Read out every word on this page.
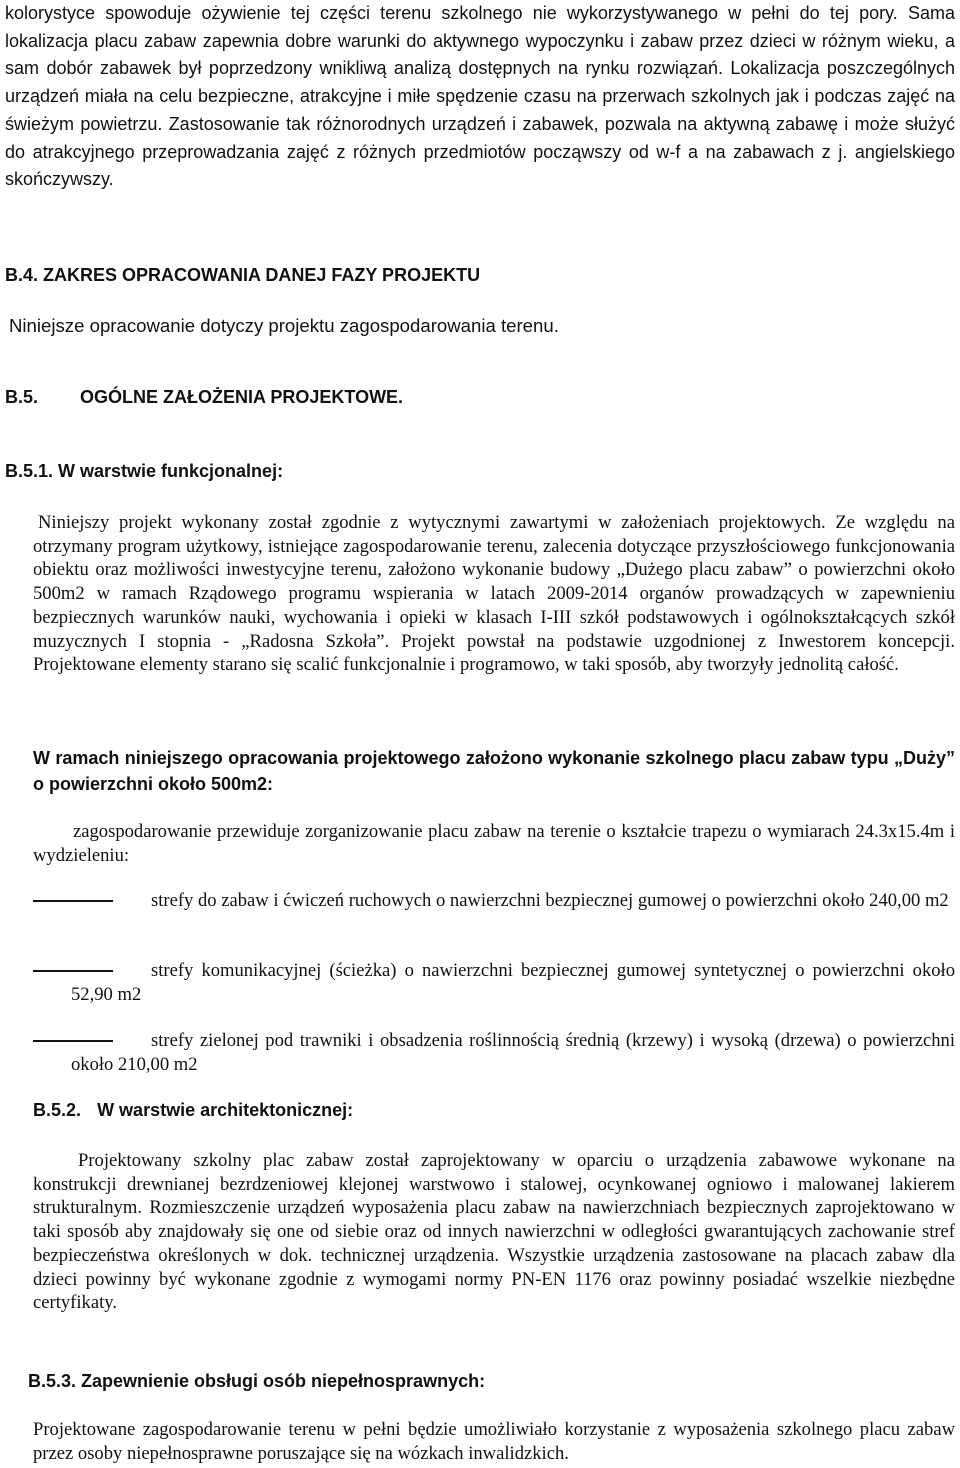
kolorystyce spowoduje ożywienie tej części terenu szkolnego nie wykorzystywanego w pełni do tej pory. Sama lokalizacja placu zabaw zapewnia dobre warunki do aktywnego wypoczynku i zabaw przez dzieci w różnym wieku, a sam dobór zabawek był poprzedzony wnikliwą analizą dostępnych na rynku rozwiązań. Lokalizacja poszczególnych urządzeń miała na celu bezpieczne, atrakcyjne i miłe spędzenie czasu na przerwach szkolnych jak i podczas zajęć na świeżym powietrzu. Zastosowanie tak różnorodnych urządzeń i zabawek, pozwala na aktywną zabawę i może służyć do atrakcyjnego przeprowadzania zajęć z różnych przedmiotów począwszy od w-f a na zabawach z j. angielskiego skończywszy.
B.4. ZAKRES OPRACOWANIA DANEJ FAZY PROJEKTU
Niniejsze opracowanie dotyczy projektu zagospodarowania terenu.
B.5. OGÓLNE ZAŁOŻENIA PROJEKTOWE.
B.5.1. W warstwie funkcjonalnej:
Niniejszy projekt wykonany został zgodnie z wytycznymi zawartymi w założeniach projektowych. Ze względu na otrzymany program użytkowy, istniejące zagospodarowanie terenu, zalecenia dotyczące przyszłościowego funkcjonowania obiektu oraz możliwości inwestycyjne terenu, założono wykonanie budowy „Dużego placu zabaw” o powierzchni około 500m2 w ramach Rządowego programu wspierania w latach 2009-2014 organów prowadzących w zapewnieniu bezpiecznych warunków nauki, wychowania i opieki w klasach I-III szkół podstawowych i ogólnokształcących szkół muzycznych I stopnia - „Radosna Szkoła”. Projekt powstał na podstawie uzgodnionej z Inwestorem koncepcji. Projektowane elementy starano się scalić funkcjonalnie i programowo, w taki sposób, aby tworzyły jednolitą całość.
W ramach niniejszego opracowania projektowego założono wykonanie szkolnego placu zabaw typu „Duży” o powierzchni około 500m2:
zagospodarowanie przewiduje zorganizowanie placu zabaw na terenie o kształcie trapezu o wymiarach 24.3x15.4m i wydzieleniu:
strefy do zabaw i ćwiczeń ruchowych o nawierzchni bezpiecznej gumowej o powierzchni około 240,00 m2
strefy komunikacyjnej (ścieżka) o nawierzchni bezpiecznej gumowej syntetycznej o powierzchni około 52,90 m2
strefy zielonej pod trawniki i obsadzenia roślinnością średnią (krzewy) i wysoką (drzewa) o powierzchni około 210,00 m2
B.5.2. W warstwie architektonicznej:
Projektowany szkolny plac zabaw został zaprojektowany w oparciu o urządzenia zabawowe wykonane na konstrukcji drewnianej bezrdzeniowej klejonej warstwowo i stalowej, ocynkowanej ogniowo i malowanej lakierem strukturalnym. Rozmieszczenie urządzeń wyposażenia placu zabaw na nawierzchniach bezpiecznych zaprojektowano w taki sposób aby znajdowały się one od siebie oraz od innych nawierzchni w odległości gwarantujących zachowanie stref bezpieczeństwa określonych w dok. technicznej urządzenia. Wszystkie urządzenia zastosowane na placach zabaw dla dzieci powinny być wykonane zgodnie z wymogami normy PN-EN 1176 oraz powinny posiadać wszelkie niezbędne certyfikaty.
B.5.3. Zapewnienie obsługi osób niepełnosprawnych:
Projektowane zagospodarowanie terenu w pełni będzie umożliwiało korzystanie z wyposażenia szkolnego placu zabaw przez osoby niepełnosprawne poruszające się na wózkach inwalidzkich.
